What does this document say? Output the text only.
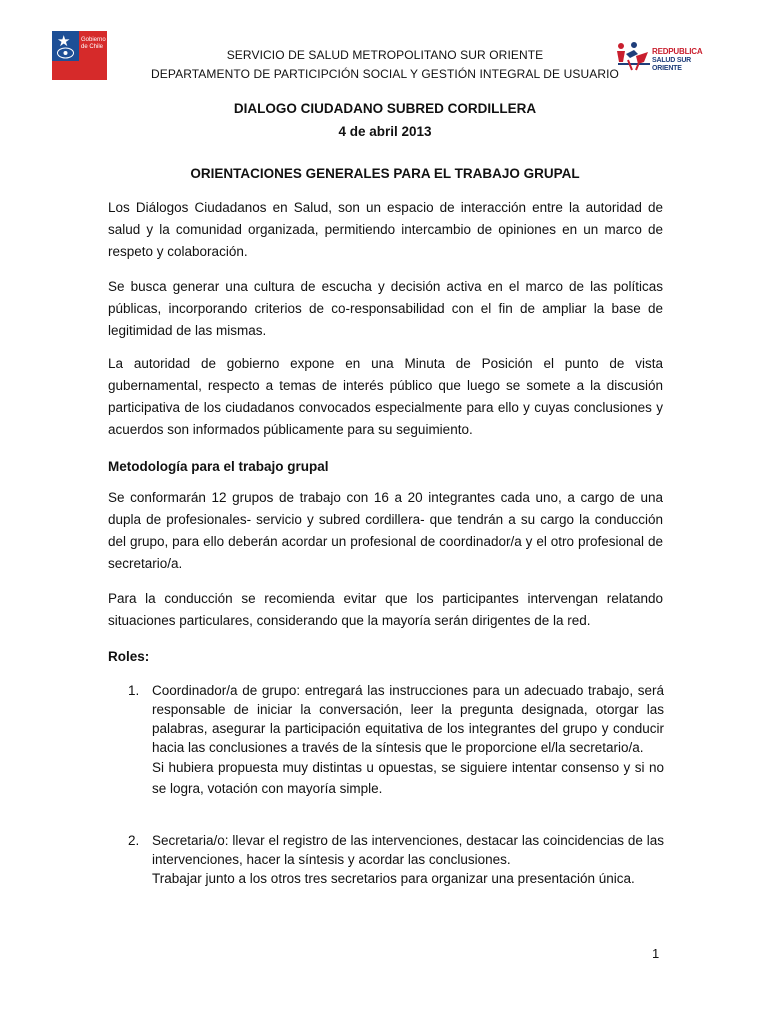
★ Gobierno de Chile
SERVICIO DE SALUD METROPOLITANO SUR ORIENTE
DEPARTAMENTO DE PARTICIPCIÓN SOCIAL Y GESTIÓN INTEGRAL DE USUARIO
REDPUBLICA
SALUD SUR ORIENTE
DIALOGO CIUDADANO SUBRED CORDILLERA
4 de abril 2013
ORIENTACIONES GENERALES PARA EL TRABAJO GRUPAL

Los Diálogos Ciudadanos en Salud, son un espacio de interacción entre la autoridad de salud y la comunidad organizada, permitiendo intercambio de opiniones en un marco de respeto y colaboración.

Se busca generar una cultura de escucha y decisión activa en el marco de las políticas públicas, incorporando criterios de co-responsabilidad con el fin de ampliar la base de legitimidad de las mismas.

La autoridad de gobierno expone en una Minuta de Posición el punto de vista gubernamental, respecto a temas de interés público que luego se somete a la discusión participativa de los ciudadanos convocados especialmente para ello y cuyas conclusiones y acuerdos son informados públicamente para su seguimiento.

Metodología para el trabajo grupal

Se conformarán 12 grupos de trabajo con 16 a 20 integrantes cada uno, a cargo de una dupla de profesionales- servicio y subred cordillera- que tendrán a su cargo la conducción del grupo, para ello deberán acordar un profesional de coordinador/a y el otro profesional de secretario/a.

Para la conducción se recomienda evitar que los participantes intervengan relatando situaciones particulares, considerando que la mayoría serán dirigentes de la red.

Roles:
1. Coordinador/a de grupo: entregará las instrucciones para un adecuado trabajo, será responsable de iniciar la conversación, leer la pregunta designada, otorgar las palabras, asegurar la participación equitativa de los integrantes del grupo y conducir hacia las conclusiones a través de la síntesis que le proporcione el/la secretario/a.

Si hubiera propuesta muy distintas u opuestas, se siguiere intentar consenso y si no se logra, votación con mayoría simple.

2. Secretaria/o: llevar el registro de las intervenciones, destacar las coincidencias de las intervenciones, hacer la síntesis y acordar las conclusiones.

Trabajar junto a los otros tres secretarios para organizar una presentación única.

1
